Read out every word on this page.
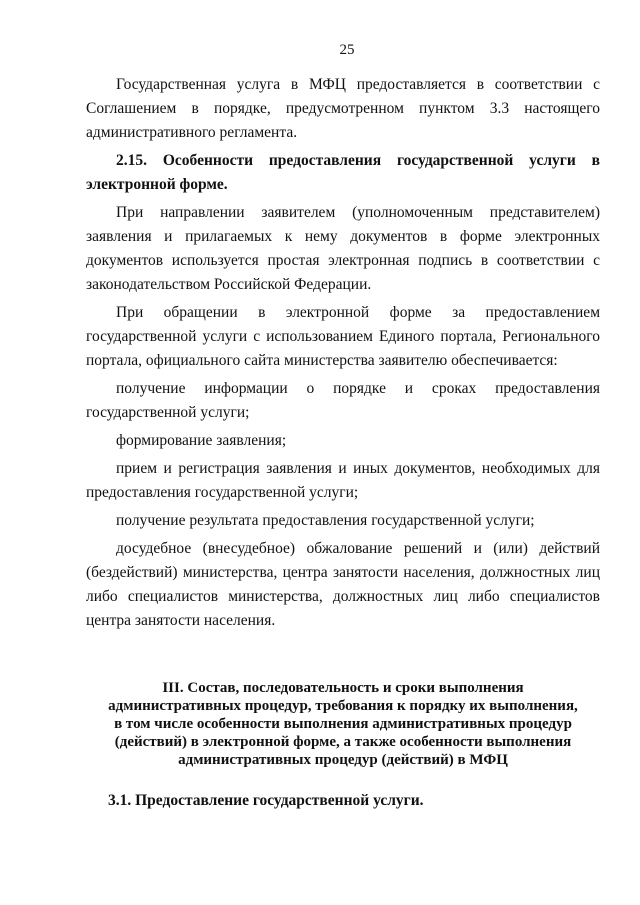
25

Государственная услуга в МФЦ предоставляется в соответствии с Соглашением в порядке, предусмотренном пунктом 3.3 настоящего административного регламента.

2.15. Особенности предоставления государственной услуги в электронной форме.

При направлении заявителем (уполномоченным представителем) заявления и прилагаемых к нему документов в форме электронных документов используется простая электронная подпись в соответствии с законодательством Российской Федерации.

При обращении в электронной форме за предоставлением государственной услуги с использованием Единого портала, Регионального портала, официального сайта министерства заявителю обеспечивается:

получение информации о порядке и сроках предоставления государственной услуги;

формирование заявления;

прием и регистрация заявления и иных документов, необходимых для предоставления государственной услуги;

получение результата предоставления государственной услуги;

досудебное (внесудебное) обжалование решений и (или) действий (бездействий) министерства, центра занятости населения, должностных лиц либо специалистов министерства, должностных лиц либо специалистов центра занятости населения.

III. Состав, последовательность и сроки выполнения
административных процедур, требования к порядку их выполнения,
в том числе особенности выполнения административных процедур
(действий) в электронной форме, а также особенности выполнения
административных процедур (действий) в МФЦ

3.1. Предоставление государственной услуги.
